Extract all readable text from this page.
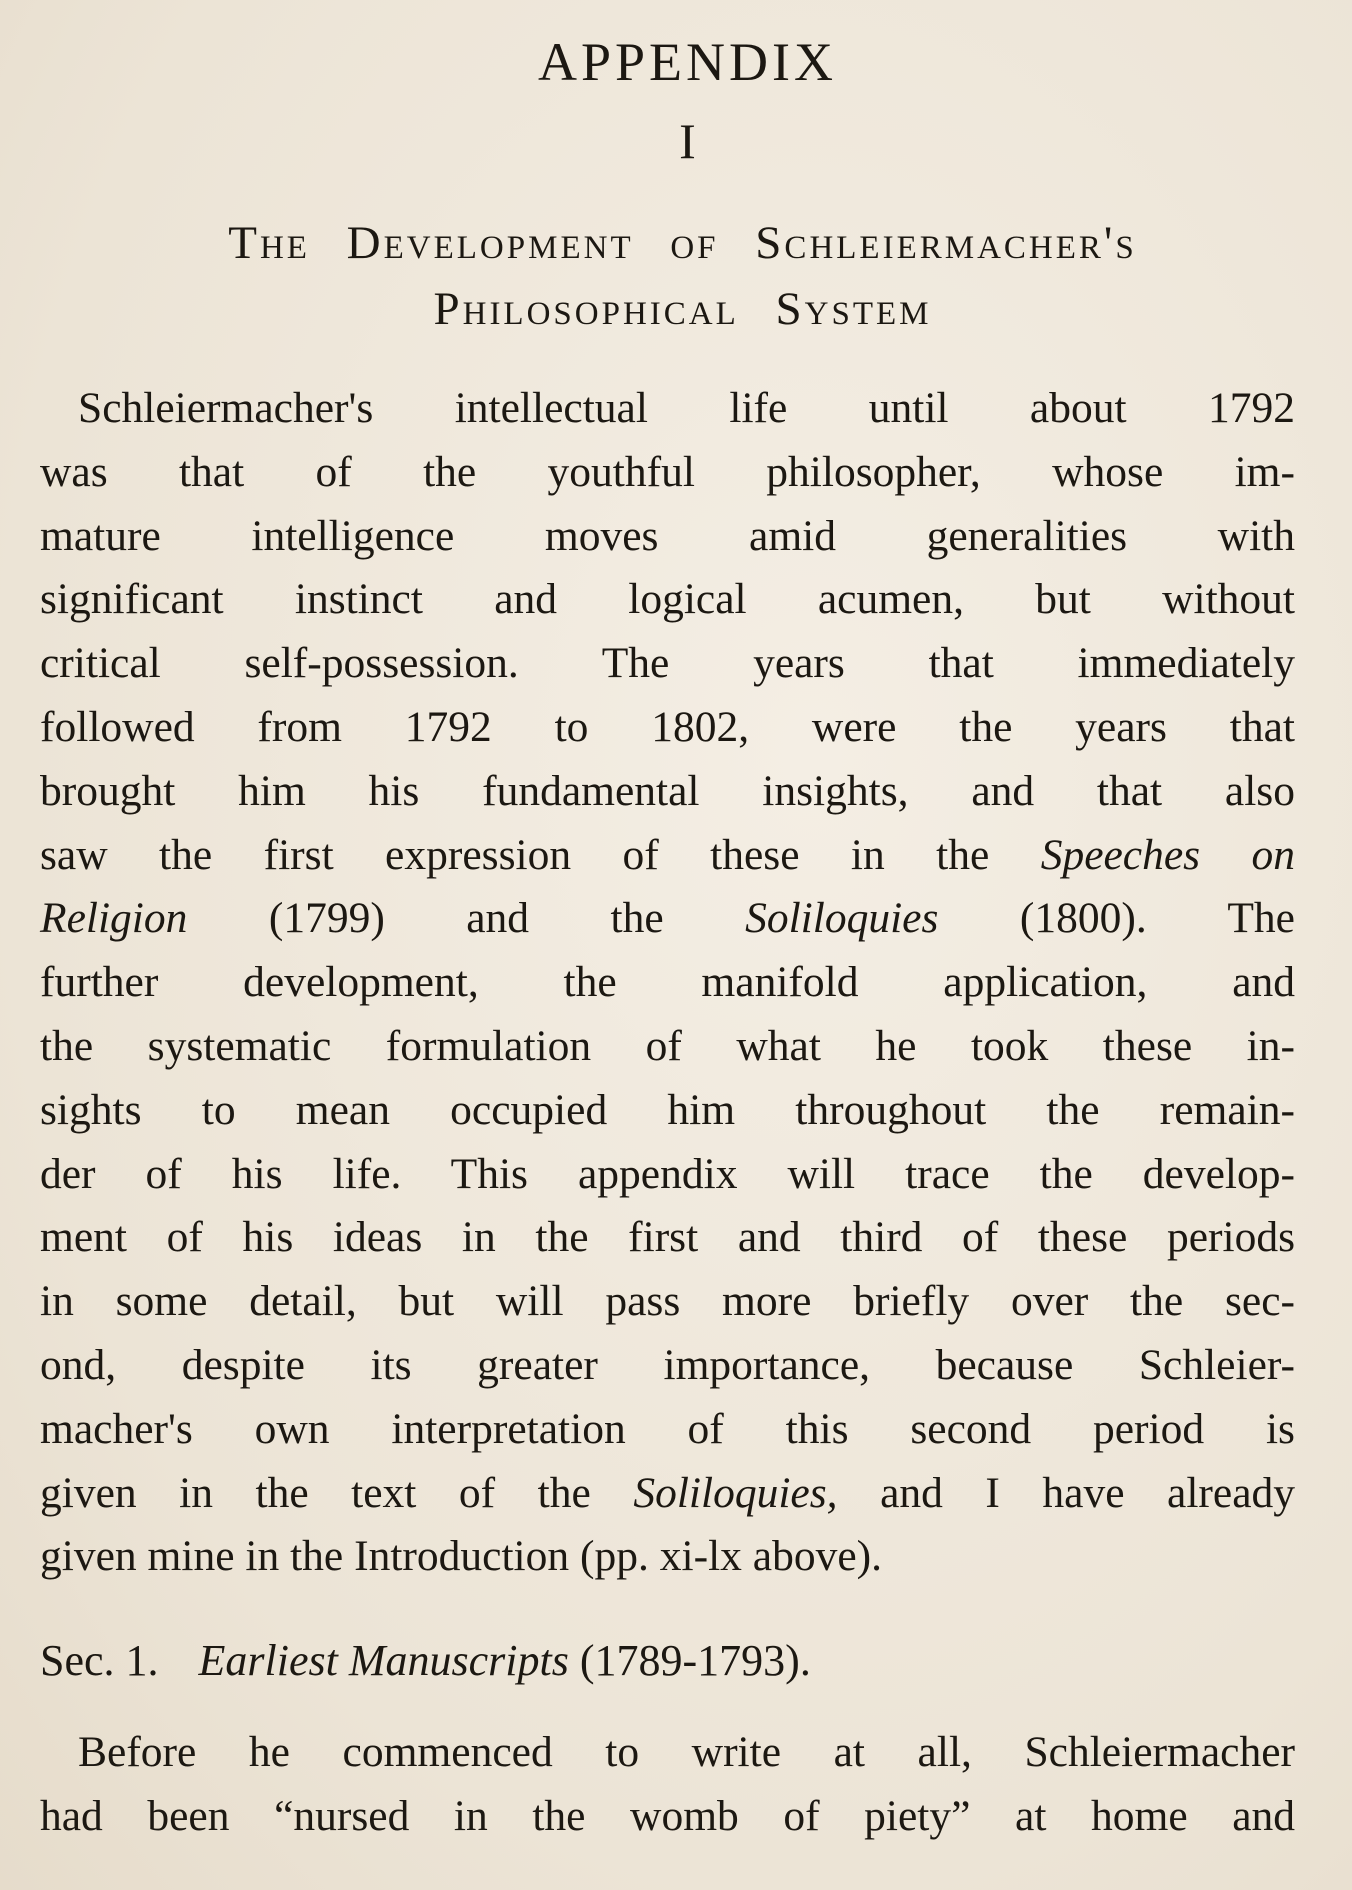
APPENDIX
I
The Development of Schleiermacher's
Philosophical System
Schleiermacher's intellectual life until about 1792
was that of the youthful philosopher, whose im-
mature intelligence moves amid generalities with
significant instinct and logical acumen, but without
critical self-possession. The years that immediately
followed from 1792 to 1802, were the years that
brought him his fundamental insights, and that also
saw the first expression of these in the Speeches on
Religion (1799) and the Soliloquies (1800). The
further development, the manifold application, and
the systematic formulation of what he took these in-
sights to mean occupied him throughout the remain-
der of his life. This appendix will trace the develop-
ment of his ideas in the first and third of these periods
in some detail, but will pass more briefly over the sec-
ond, despite its greater importance, because Schleier-
macher's own interpretation of this second period is
given in the text of the Soliloquies, and I have already
given mine in the Introduction (pp. xi-lx above).
Sec. 1. Earliest Manuscripts (1789-1793).
Before he commenced to write at all, Schleiermacher
had been “nursed in the womb of piety” at home and
